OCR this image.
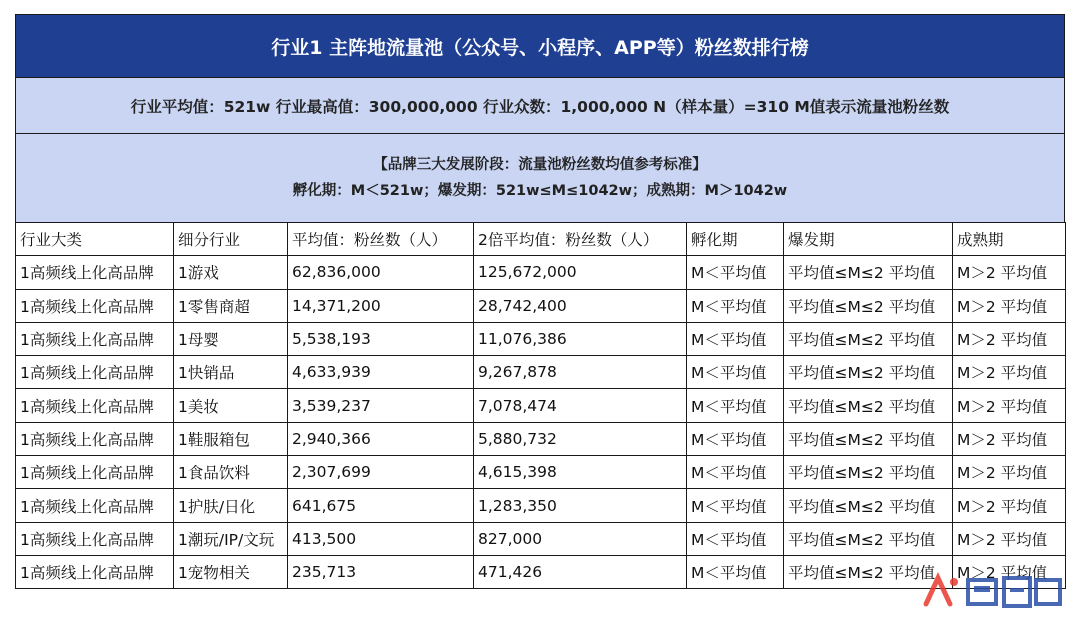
行业1 主阵地流量池（公众号、小程序、APP等）粉丝数排行榜
行业平均值：521w 行业最高值：300,000,000 行业众数：1,000,000 N（样本量）=310 M值表示流量池粉丝数
【品牌三大发展阶段：流量池粉丝数均值参考标准】
孵化期：M＜521w；爆发期：521w≤M≤1042w；成熟期：M＞1042w
行业大类	细分行业	平均值：粉丝数（人）	2倍平均值：粉丝数（人）	孵化期	爆发期	成熟期
1高频线上化高品牌	1游戏	62,836,000	125,672,000	M＜平均值	平均值≤M≤2 平均值	M＞2 平均值
1高频线上化高品牌	1零售商超	14,371,200	28,742,400	M＜平均值	平均值≤M≤2 平均值	M＞2 平均值
1高频线上化高品牌	1母婴	5,538,193	11,076,386	M＜平均值	平均值≤M≤2 平均值	M＞2 平均值
1高频线上化高品牌	1快销品	4,633,939	9,267,878	M＜平均值	平均值≤M≤2 平均值	M＞2 平均值
1高频线上化高品牌	1美妆	3,539,237	7,078,474	M＜平均值	平均值≤M≤2 平均值	M＞2 平均值
1高频线上化高品牌	1鞋服箱包	2,940,366	5,880,732	M＜平均值	平均值≤M≤2 平均值	M＞2 平均值
1高频线上化高品牌	1食品饮料	2,307,699	4,615,398	M＜平均值	平均值≤M≤2 平均值	M＞2 平均值
1高频线上化高品牌	1护肤/日化	641,675	1,283,350	M＜平均值	平均值≤M≤2 平均值	M＞2 平均值
1高频线上化高品牌	1潮玩/IP/文玩	413,500	827,000	M＜平均值	平均值≤M≤2 平均值	M＞2 平均值
1高频线上化高品牌	1宠物相关	235,713	471,426	M＜平均值	平均值≤M≤2 平均值	M＞2 平均值
